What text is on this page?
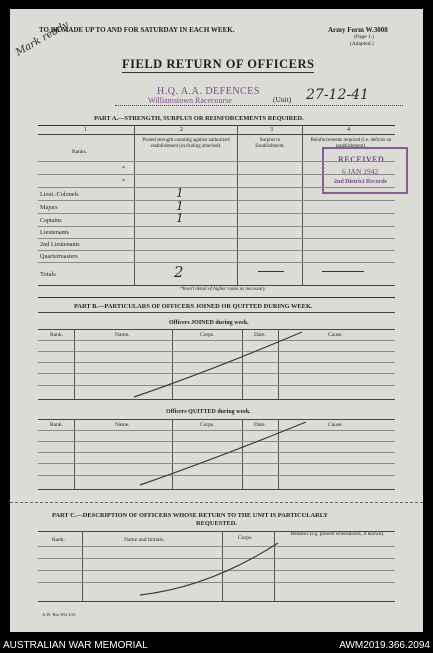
TO BE MADE UP TO AND FOR SATURDAY IN EACH WEEK.	Army Form W.3008
(Page 1.)
(Adapted.)
Mark ready
FIELD RETURN OF OFFICERS
H.Q. A.A. DEFENCES
Williamstown Racecourse	(Unit) 27-12-41
PART A.—STRENGTH, SURPLUS OR REINFORCEMENTS REQUIRED.
1	2	3	4
Ranks.
Posted strength counting against authorized establishment (excluding attached).
Surplus to Establishment.
Reinforcements required (i.e. deficits on establishment).
RECEIVED
6 JAN 1942
2nd District Records
*
*
Lieut.-Colonels	1
Majors	1
Captains	1
Lieutenants
2nd Lieutenants
Quartermasters
Totals	2
*Insert detail of higher ranks as necessary.
PART B.—PARTICULARS OF OFFICERS JOINED OR QUITTED DURING WEEK.
Officers JOINED during week.
Rank.	Name.	Corps.	Date.	Cause.
Officers QUITTED during week.
Rank.	Name.	Corps.	Date.	Cause.
PART C.—DESCRIPTION OF OFFICERS WHOSE RETURN TO THE UNIT IS PARTICULARLY
REQUESTED.
Rank.	Name and Initials.	Corps.
Remarks (e.g. present whereabouts, if known).
A.W. Rm 584 3/41
AUSTRALIAN WAR MEMORIAL	AWM2019.366.2094
